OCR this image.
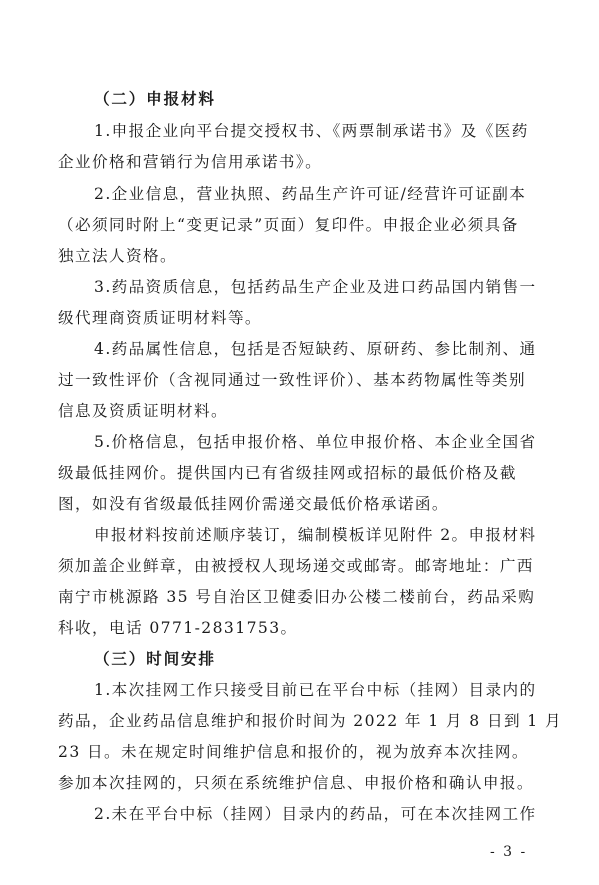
（二）申报材料
1.申报企业向平台提交授权书、《两票制承诺书》及《医药
企业价格和营销行为信用承诺书》。
2.企业信息，营业执照、药品生产许可证/经营许可证副本
（必须同时附上“变更记录”页面）复印件。申报企业必须具备
独立法人资格。
3.药品资质信息，包括药品生产企业及进口药品国内销售一
级代理商资质证明材料等。
4.药品属性信息，包括是否短缺药、原研药、参比制剂、通
过一致性评价（含视同通过一致性评价）、基本药物属性等类别
信息及资质证明材料。
5.价格信息，包括申报价格、单位申报价格、本企业全国省
级最低挂网价。提供国内已有省级挂网或招标的最低价格及截
图，如没有省级最低挂网价需递交最低价格承诺函。
申报材料按前述顺序装订，编制模板详见附件 2。申报材料
须加盖企业鲜章，由被授权人现场递交或邮寄。邮寄地址：广西
南宁市桃源路 35 号自治区卫健委旧办公楼二楼前台，药品采购
科收，电话 0771-2831753。
（三）时间安排
1.本次挂网工作只接受目前已在平台中标（挂网）目录内的
药品，企业药品信息维护和报价时间为 2022 年 1 月 8 日到 1 月
23 日。未在规定时间维护信息和报价的，视为放弃本次挂网。
参加本次挂网的，只须在系统维护信息、申报价格和确认申报。
2.未在平台中标（挂网）目录内的药品，可在本次挂网工作
- 3 -
